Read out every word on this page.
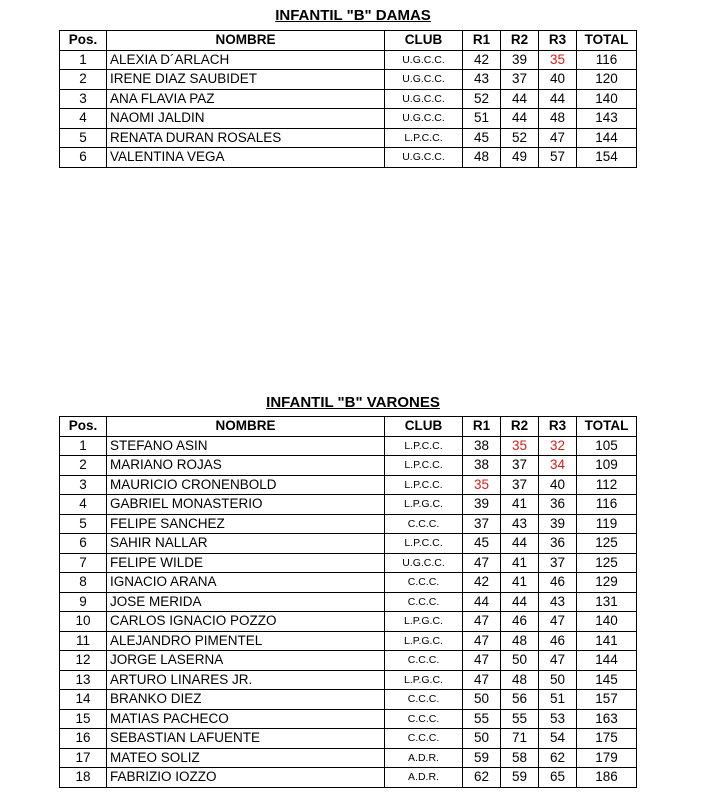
INFANTIL "B" DAMAS
Pos.	NOMBRE	CLUB	R1	R2	R3	TOTAL
1	ALEXIA D´ARLACH	U.G.C.C.	42	39	35	116
2	IRENE DIAZ SAUBIDET	U.G.C.C.	43	37	40	120
3	ANA FLAVIA PAZ	U.G.C.C.	52	44	44	140
4	NAOMI JALDIN	U.G.C.C.	51	44	48	143
5	RENATA DURAN ROSALES	L.P.C.C.	45	52	47	144
6	VALENTINA VEGA	U.G.C.C.	48	49	57	154
INFANTIL "B" VARONES
Pos.	NOMBRE	CLUB	R1	R2	R3	TOTAL
1	STEFANO ASIN	L.P.C.C.	38	35	32	105
2	MARIANO ROJAS	L.P.C.C.	38	37	34	109
3	MAURICIO CRONENBOLD	L.P.C.C.	35	37	40	112
4	GABRIEL MONASTERIO	L.P.G.C.	39	41	36	116
5	FELIPE SANCHEZ	C.C.C.	37	43	39	119
6	SAHIR NALLAR	L.P.C.C.	45	44	36	125
7	FELIPE WILDE	U.G.C.C.	47	41	37	125
8	IGNACIO ARANA	C.C.C.	42	41	46	129
9	JOSE MERIDA	C.C.C.	44	44	43	131
10	CARLOS IGNACIO POZZO	L.P.G.C.	47	46	47	140
11	ALEJANDRO PIMENTEL	L.P.G.C.	47	48	46	141
12	JORGE LASERNA	C.C.C.	47	50	47	144
13	ARTURO LINARES JR.	L.P.G.C.	47	48	50	145
14	BRANKO DIEZ	C.C.C.	50	56	51	157
15	MATIAS PACHECO	C.C.C.	55	55	53	163
16	SEBASTIAN LAFUENTE	C.C.C.	50	71	54	175
17	MATEO SOLIZ	A.D.R.	59	58	62	179
18	FABRIZIO IOZZO	A.D.R.	62	59	65	186
